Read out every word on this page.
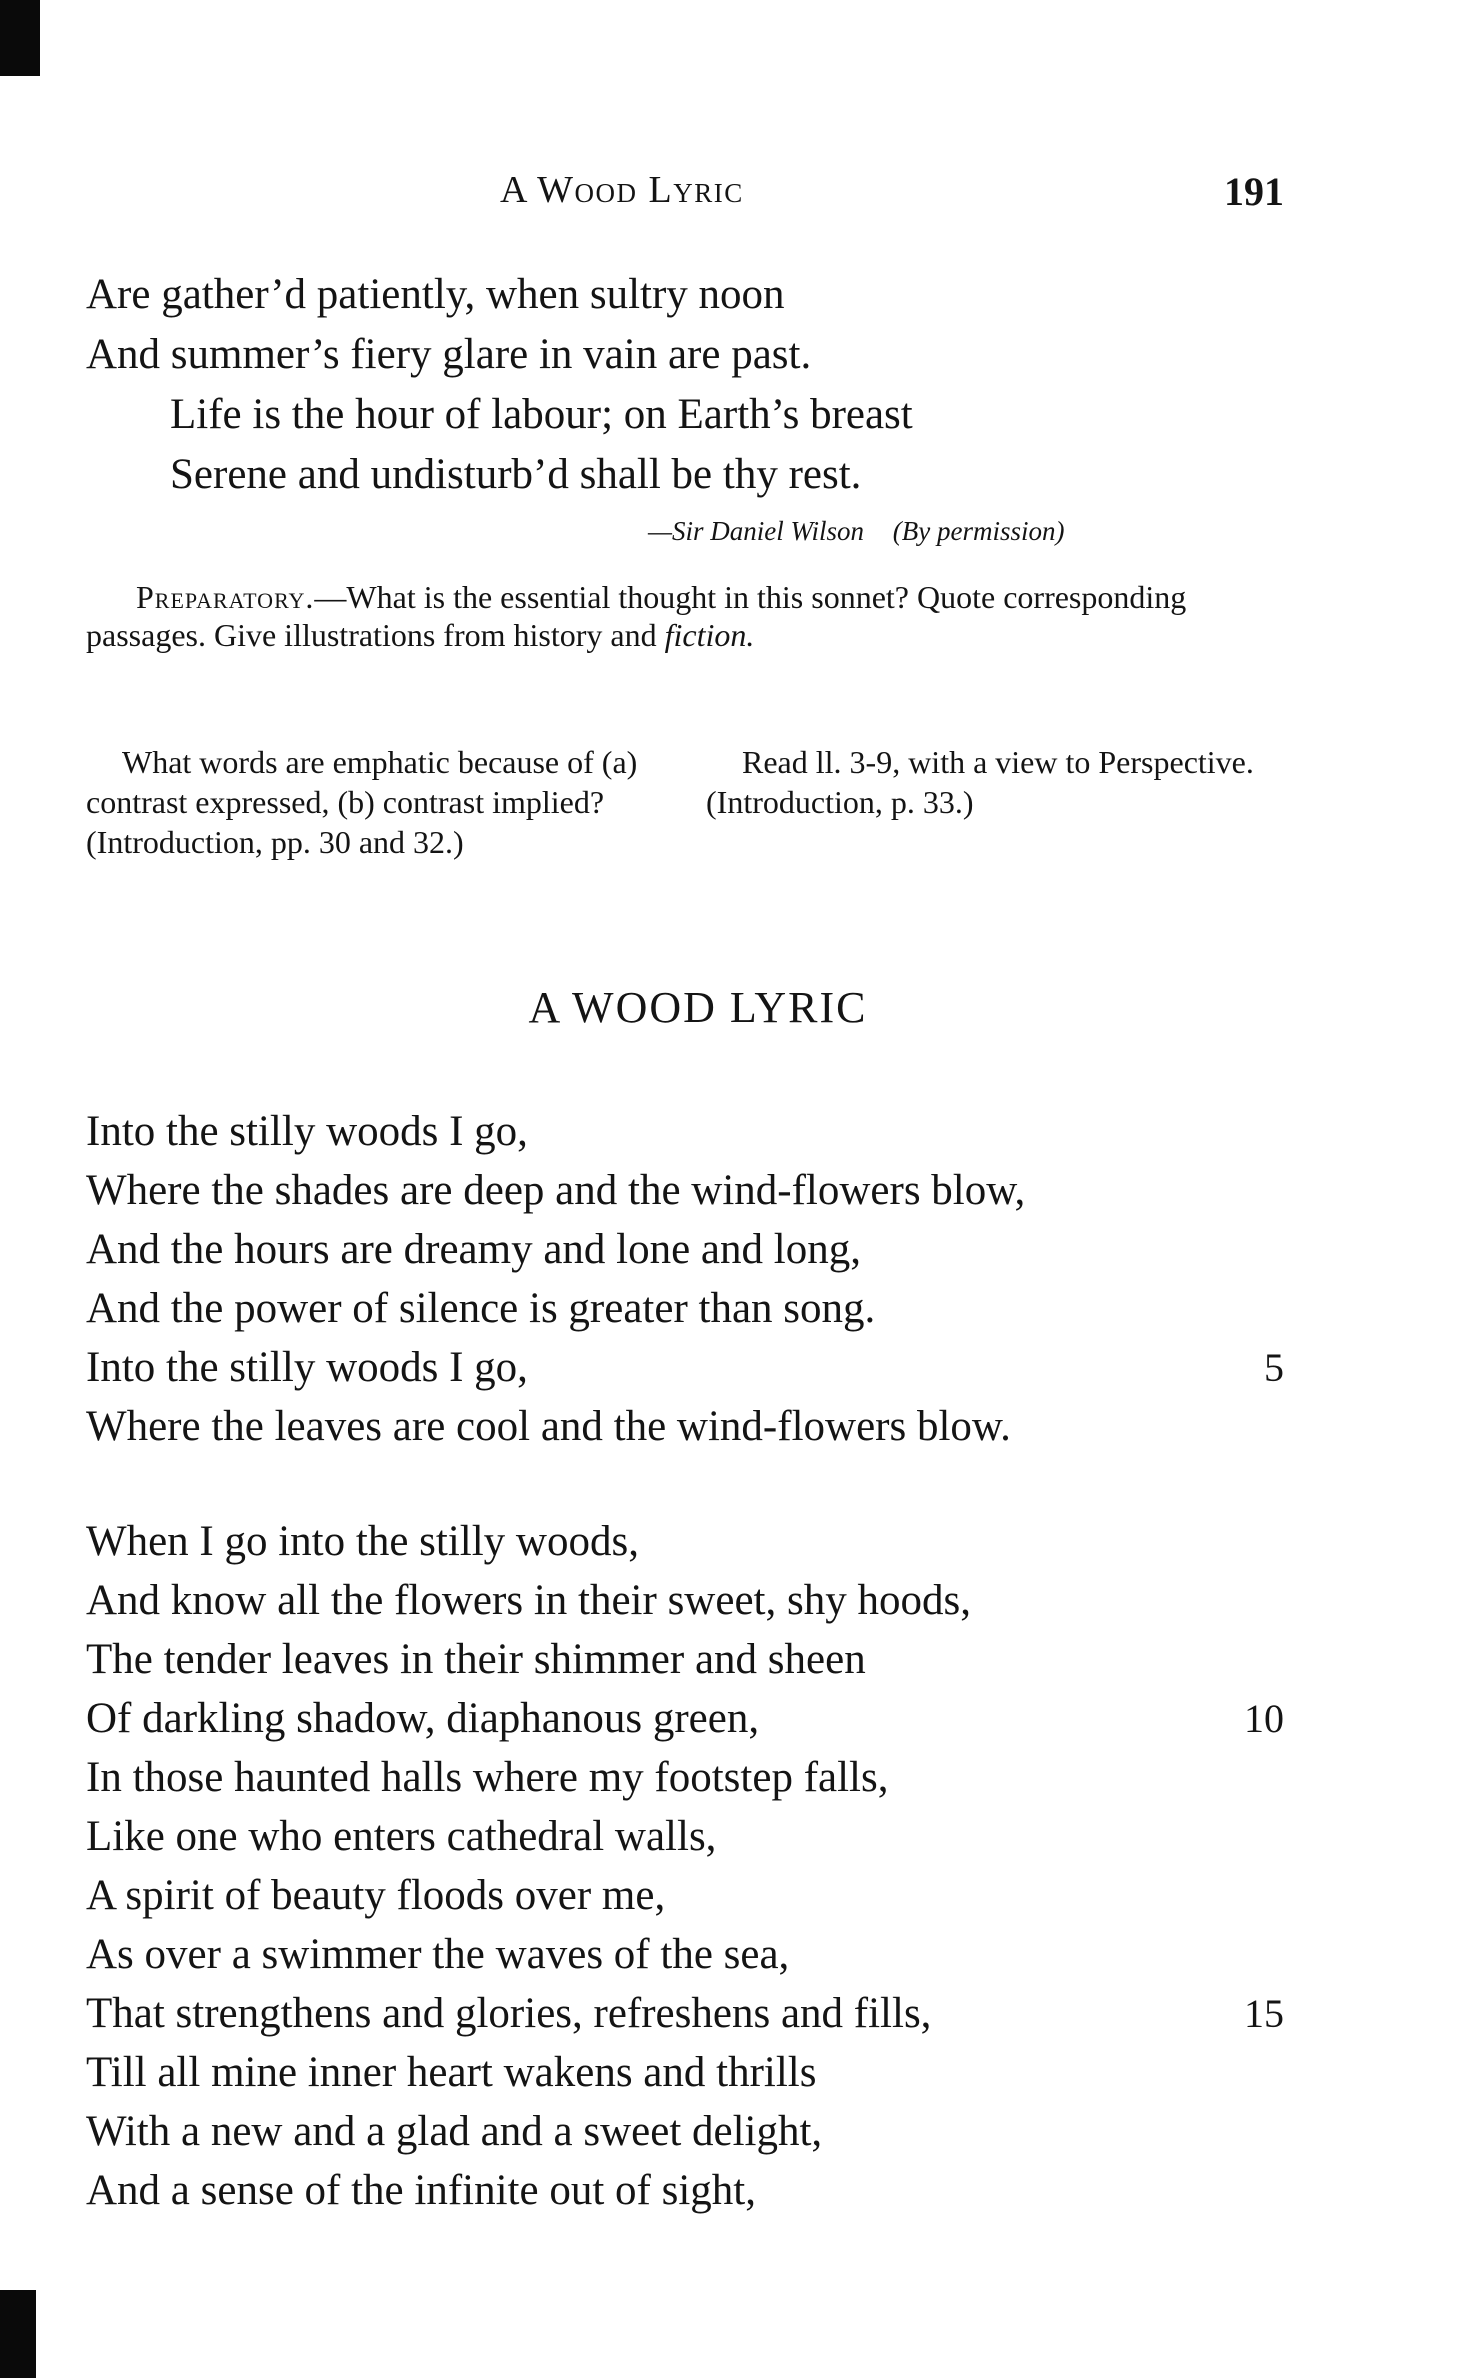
A Wood Lyric	191
Are gather’d patiently, when sultry noon
And summer’s fiery glare in vain are past.
Life is the hour of labour; on Earth’s breast
Serene and undisturb’d shall be thy rest.
—Sir Daniel Wilson (By permission)
Preparatory.—What is the essential thought in this sonnet? Quote corresponding passages. Give illustrations from history and fiction.
What words are emphatic because of (a) contrast expressed, (b) contrast implied? (Introduction, pp. 30 and 32.)
Read ll. 3-9, with a view to Perspective. (Introduction, p. 33.)
A WOOD LYRIC
Into the stilly woods I go,
Where the shades are deep and the wind-flowers blow,
And the hours are dreamy and lone and long,
And the power of silence is greater than song.
Into the stilly woods I go,	5
Where the leaves are cool and the wind-flowers blow.
When I go into the stilly woods,
And know all the flowers in their sweet, shy hoods,
The tender leaves in their shimmer and sheen
Of darkling shadow, diaphanous green,	10
In those haunted halls where my footstep falls,
Like one who enters cathedral walls,
A spirit of beauty floods over me,
As over a swimmer the waves of the sea,
That strengthens and glories, refreshens and fills,	15
Till all mine inner heart wakens and thrills
With a new and a glad and a sweet delight,
And a sense of the infinite out of sight,
